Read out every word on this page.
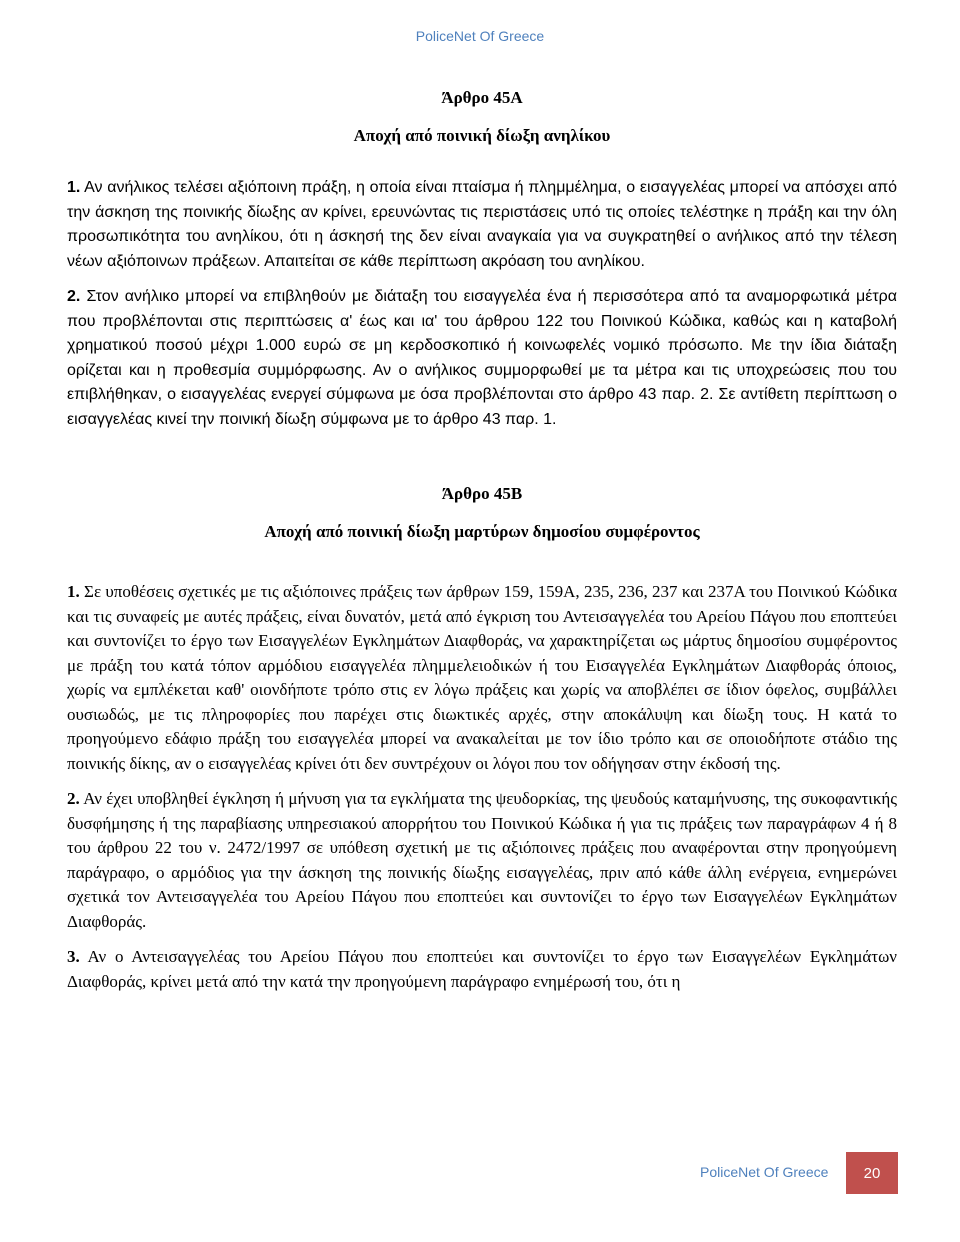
PoliceNet Of Greece

Άρθρο 45Α

Αποχή από ποινική δίωξη ανηλίκου

1. Αν ανήλικος τελέσει αξιόποινη πράξη, η οποία είναι πταίσμα ή πλημμέλημα, ο εισαγγελέας μπορεί να απόσχει από την άσκηση της ποινικής δίωξης αν κρίνει, ερευνώντας τις περιστάσεις υπό τις οποίες τελέστηκε η πράξη και την όλη προσωπικότητα του ανηλίκου, ότι η άσκησή της δεν είναι αναγκαία για να συγκρατηθεί ο ανήλικος από την τέλεση νέων αξιόποινων πράξεων. Απαιτείται σε κάθε περίπτωση ακρόαση του ανηλίκου.

2. Στον ανήλικο μπορεί να επιβληθούν με διάταξη του εισαγγελέα ένα ή περισσότερα από τα αναμορφωτικά μέτρα που προβλέπονται στις περιπτώσεις α' έως και ια' του άρθρου 122 του Ποινικού Κώδικα, καθώς και η καταβολή χρηματικού ποσού μέχρι 1.000 ευρώ σε μη κερδοσκοπικό ή κοινωφελές νομικό πρόσωπο. Με την ίδια διάταξη ορίζεται και η προθεσμία συμμόρφωσης. Αν ο ανήλικος συμμορφωθεί με τα μέτρα και τις υποχρεώσεις που του επιβλήθηκαν, ο εισαγγελέας ενεργεί σύμφωνα με όσα προβλέπονται στο άρθρο 43 παρ. 2. Σε αντίθετη περίπτωση ο εισαγγελέας κινεί την ποινική δίωξη σύμφωνα με το άρθρο 43 παρ. 1.

Άρθρο 45Β

Αποχή από ποινική δίωξη μαρτύρων δημοσίου συμφέροντος

1. Σε υποθέσεις σχετικές με τις αξιόποινες πράξεις των άρθρων 159, 159Α, 235, 236, 237 και 237Α του Ποινικού Κώδικα και τις συναφείς με αυτές πράξεις, είναι δυνατόν, μετά από έγκριση του Αντεισαγγελέα του Αρείου Πάγου που εποπτεύει και συντονίζει το έργο των Εισαγγελέων Εγκλημάτων Διαφθοράς, να χαρακτηρίζεται ως μάρτυς δημοσίου συμφέροντος με πράξη του κατά τόπον αρμόδιου εισαγγελέα πλημμελειοδικών ή του Εισαγγελέα Εγκλημάτων Διαφθοράς όποιος, χωρίς να εμπλέκεται καθ' οιονδήποτε τρόπο στις εν λόγω πράξεις και χωρίς να αποβλέπει σε ίδιον όφελος, συμβάλλει ουσιωδώς, με τις πληροφορίες που παρέχει στις διωκτικές αρχές, στην αποκάλυψη και δίωξη τους. Η κατά το προηγούμενο εδάφιο πράξη του εισαγγελέα μπορεί να ανακαλείται με τον ίδιο τρόπο και σε οποιοδήποτε στάδιο της ποινικής δίκης, αν ο εισαγγελέας κρίνει ότι δεν συντρέχουν οι λόγοι που τον οδήγησαν στην έκδοσή της.

2. Αν έχει υποβληθεί έγκληση ή μήνυση για τα εγκλήματα της ψευδορκίας, της ψευδούς καταμήνυσης, της συκοφαντικής δυσφήμησης ή της παραβίασης υπηρεσιακού απορρήτου του Ποινικού Κώδικα ή για τις πράξεις των παραγράφων 4 ή 8 του άρθρου 22 του ν. 2472/1997 σε υπόθεση σχετική με τις αξιόποινες πράξεις που αναφέρονται στην προηγούμενη παράγραφο, ο αρμόδιος για την άσκηση της ποινικής δίωξης εισαγγελέας, πριν από κάθε άλλη ενέργεια, ενημερώνει σχετικά τον Αντεισαγγελέα του Αρείου Πάγου που εποπτεύει και συντονίζει το έργο των Εισαγγελέων Εγκλημάτων Διαφθοράς.

3. Αν ο Αντεισαγγελέας του Αρείου Πάγου που εποπτεύει και συντονίζει το έργο των Εισαγγελέων Εγκλημάτων Διαφθοράς, κρίνει μετά από την κατά την προηγούμενη παράγραφο ενημέρωσή του, ότι η

PoliceNet Of Greece	20
